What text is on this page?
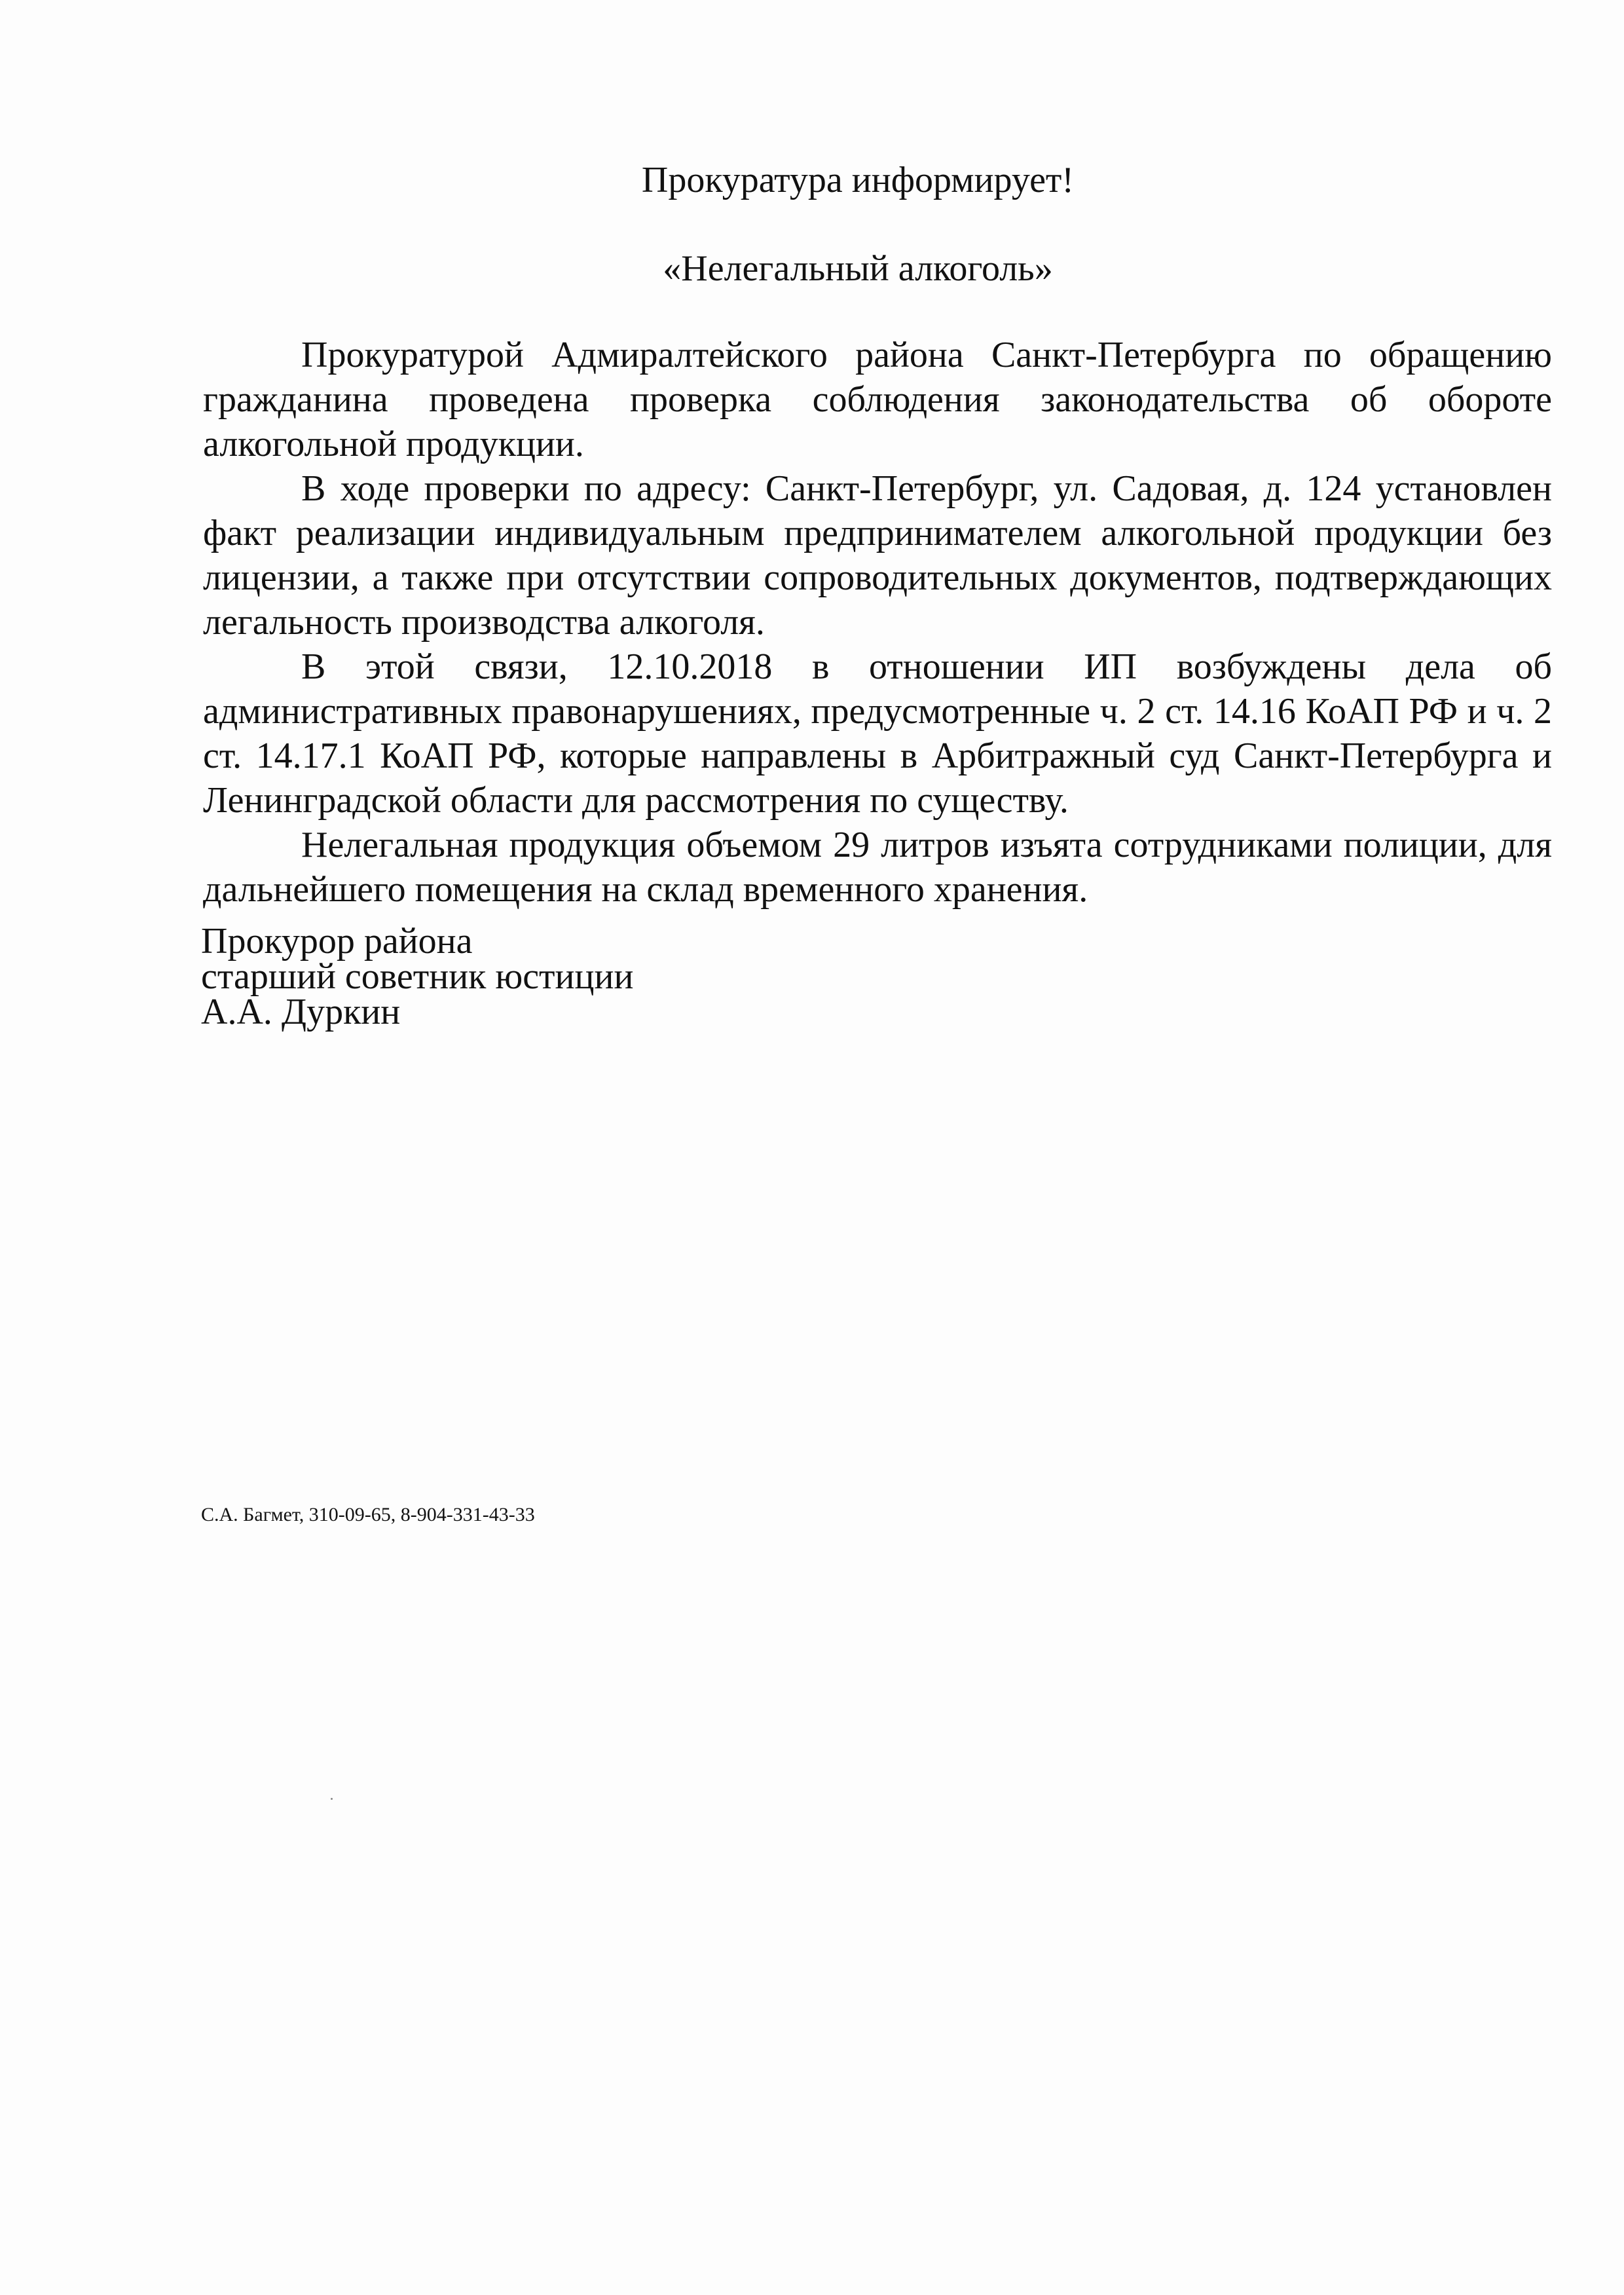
Прокуратура информирует!
«Нелегальный алкоголь»

Прокуратурой Адмиралтейского района Санкт-Петербурга по обращению гражданина проведена проверка соблюдения законодательства об обороте алкогольной продукции.

В ходе проверки по адресу: Санкт-Петербург, ул. Садовая, д. 124 установлен факт реализации индивидуальным предпринимателем алкогольной продукции без лицензии, а также при отсутствии сопроводительных документов, подтверждающих легальность производства алкоголя.

В этой связи, 12.10.2018 в отношении ИП возбуждены дела об административных правонарушениях, предусмотренные ч. 2 ст. 14.16 КоАП РФ и ч. 2 ст. 14.17.1 КоАП РФ, которые направлены в Арбитражный суд Санкт-Петербурга и Ленинградской области для рассмотрения по существу.

Нелегальная продукция объемом 29 литров изъята сотрудниками полиции, для дальнейшего помещения на склад временного хранения.

Прокурор района
старший советник юстиции
А.А. Дуркин
С.А. Багмет, 310-09-65, 8-904-331-43-33
